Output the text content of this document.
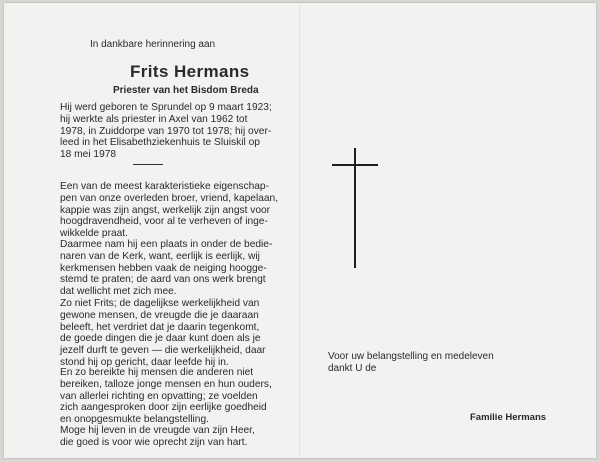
In dankbare herinnering aan
Frits Hermans
Priester van het Bisdom Breda
Hij werd geboren te Sprundel op 9 maart 1923;
hij werkte als priester in Axel van 1962 tot
1978, in Zuiddorpe van 1970 tot 1978; hij over-
leed in het Elisabethziekenhuis te Sluiskil op
18 mei 1978
Een van de meest karakteristieke eigenschap-
pen van onze overleden broer, vriend, kapelaan,
kappie was zijn angst, werkelijk zijn angst voor
hoogdravendheid, voor al te verheven of inge-
wikkelde praat.
Daarmee nam hij een plaats in onder de bedie-
naren van de Kerk, want, eerlijk is eerlijk, wij
kerkmensen hebben vaak de neiging hoogge-
stemd te praten; de aard van ons werk brengt
dat wellicht met zich mee.
Zo niet Frits; de dagelijkse werkelijkheid van
gewone mensen, de vreugde die je daaraan
beleeft, het verdriet dat je daarin tegenkomt,
de goede dingen die je daar kunt doen als je
jezelf durft te geven — die werkelijkheid, daar
stond hij op gericht, daar leefde hij in.
En zo bereikte hij mensen die anderen niet
bereiken, talloze jonge mensen en hun ouders,
van allerlei richting en opvatting; ze voelden
zich aangesproken door zijn eerlijke goedheid
en onopgesmukte belangstelling.
Moge hij leven in de vreugde van zijn Heer,
die goed is voor wie oprecht zijn van hart.
Voor uw belangstelling en medeleven
dankt U de
Familie Hermans
